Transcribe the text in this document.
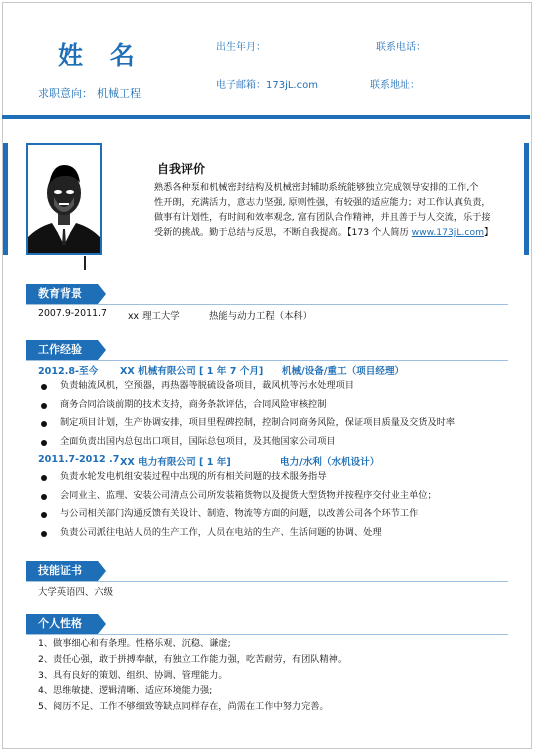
姓 名
求职意向： 机械工程
出生年月：	联系电话：
电子邮箱：173jL.com	联系地址：
自我评价
熟悉各种泵和机械密封结构及机械密封辅助系统能够独立完成领导安排的工作,个
性开朗，充满活力，意志力坚强, 原则性强，有较强的适应能力；对工作认真负责，
做事有计划性，有时间和效率观念, 富有团队合作精神，并且善于与人交流，乐于接
受新的挑战。勤于总结与反思，不断自我提高。【173 个人简历 www.173jL.com】
教育背景
2007.9-2011.7 xx 理工大学	热能与动力工程（本科）
工作经验
2012.8-至今 XX 机械有限公司 [ 1 年 7 个月] 机械/设备/重工（项目经理）
负责轴流风机，空预器，再热器等脱硫设备项目，裁风机等污水处理项目
商务合同洽谈前期的技术支持，商务条款评估，合同风险审核控制
制定项目计划，生产协调安排，项目里程碑控制，控制合同商务风险，保证项目质量及交货及时率
全面负责出国内总包出口项目，国际总包项目，及其他国家公司项目
2011.7-2012 .7 XX 电力有限公司 [ 1 年]	电力/水利（水机设计）
负责水轮发电机组安装过程中出现的所有相关问题的技术服务指导
会同业主、监理、安装公司清点公司所发装箱货物以及提货大型货物并按程序交付业主单位；
与公司相关部门沟通反馈有关设计、制造、物流等方面的问题，以改善公司各个环节工作
负责公司派往电站人员的生产工作，人员在电站的生产、生活问题的协调、处理
技能证书
大学英语四、六级
个人性格
1、做事细心和有条理。性格乐观、沉稳、谦虚;
2、责任心强，敢于拼搏奉献，有独立工作能力强，吃苦耐劳，有团队精神。
3、具有良好的策划、组织、协调、管理能力。
4、思维敏捷、逻辑清晰、适应环境能力强;
5、阅历不足、工作不够细致等缺点同样存在，尚需在工作中努力完善。
